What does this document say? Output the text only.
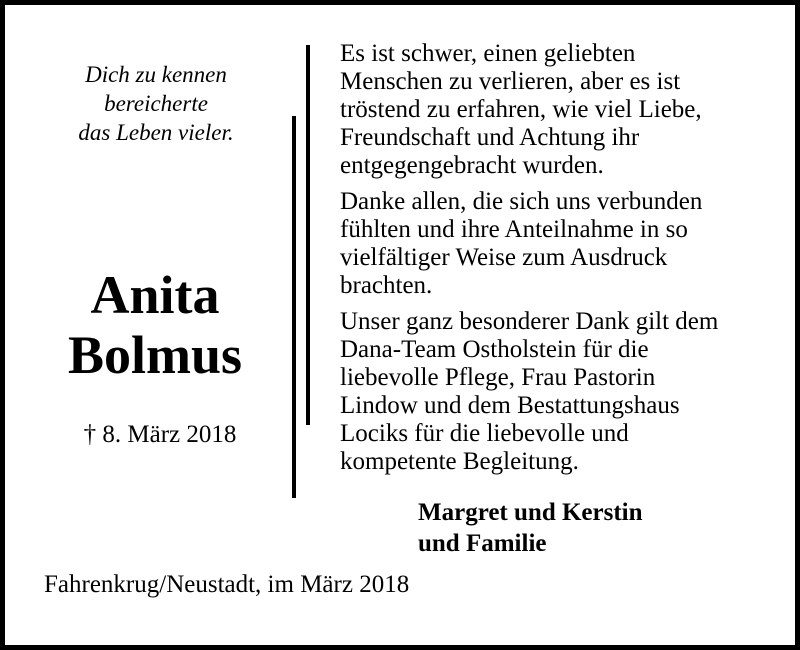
Dich zu kennen
bereicherte
das Leben vieler.
Anita
Bolmus
† 8. März 2018
Es ist schwer, einen geliebten
Menschen zu verlieren, aber es ist
tröstend zu erfahren, wie viel Liebe,
Freundschaft und Achtung ihr
entgegengebracht wurden.
Danke allen, die sich uns verbunden
fühlten und ihre Anteilnahme in so
vielfältiger Weise zum Ausdruck
brachten.
Unser ganz besonderer Dank gilt dem
Dana-Team Ostholstein für die
liebevolle Pflege, Frau Pastorin
Lindow und dem Bestattungshaus
Lociks für die liebevolle und
kompetente Begleitung.
Margret und Kerstin
und Familie
Fahrenkrug/Neustadt, im März 2018
